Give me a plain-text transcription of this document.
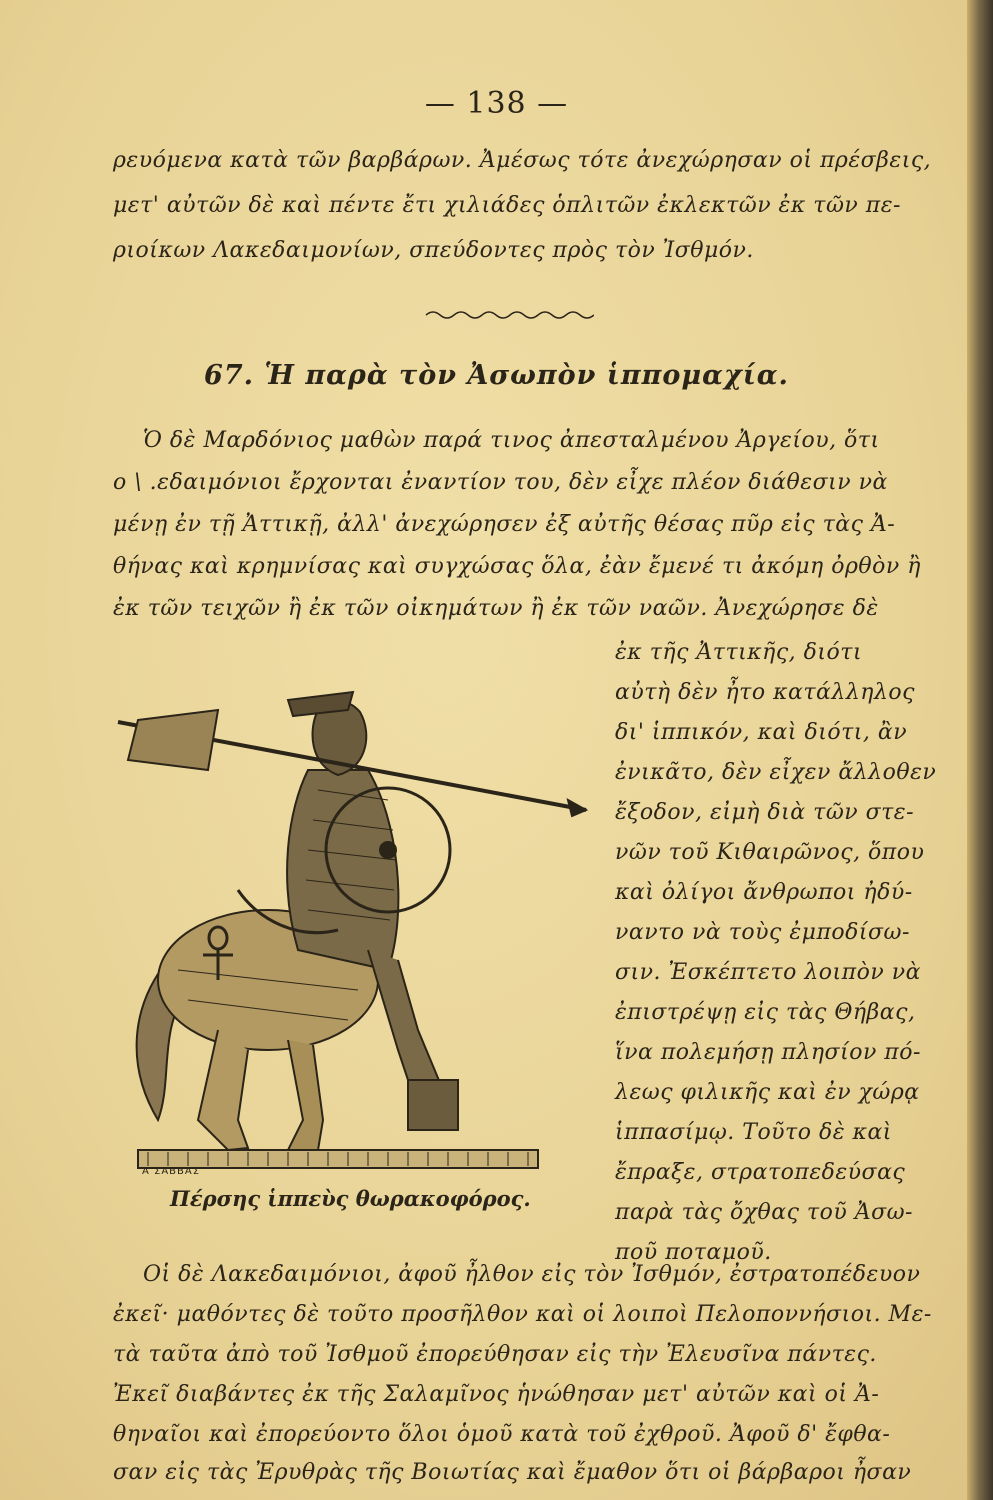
— 138 —
ρευόμενα κατὰ τῶν βαρβάρων. Ἀμέσως τότε ἀνεχώρησαν οἱ πρέσβεις,
μετ' αὐτῶν δὲ καὶ πέντε ἔτι χιλιάδες ὁπλιτῶν ἐκλεκτῶν ἐκ τῶν πε-
ριοίκων Λακεδαιμονίων, σπεύδοντες πρὸς τὸν Ἰσθμόν.
67. Ἡ παρὰ τὸν Ἀσωπὸν ἱππομαχία.
Ὁ δὲ Μαρδόνιος μαθὼν παρά τινος ἀπεσταλμένου Ἀργείου, ὅτι
ο \ .εδαιμόνιοι ἔρχονται ἐναντίον του, δὲν εἶχε πλέον διάθεσιν νὰ
μένῃ ἐν τῇ Ἀττικῇ, ἀλλ' ἀνεχώρησεν ἐξ αὐτῆς θέσας πῦρ εἰς τὰς Ἀ-
θήνας καὶ κρημνίσας καὶ συγχώσας ὅλα, ἐὰν ἔμενέ τι ἀκόμη ὀρθὸν ἢ
ἐκ τῶν τειχῶν ἢ ἐκ τῶν οἰκημάτων ἢ ἐκ τῶν ναῶν. Ἀνεχώρησε δὲ
ἐκ τῆς Ἀττικῆς, διότι
αὐτὴ δὲν ἦτο κατάλληλος
δι' ἱππικόν, καὶ διότι, ἂν
ἐνικᾶτο, δὲν εἶχεν ἄλλοθεν
ἔξοδον, εἰμὴ διὰ τῶν στε-
νῶν τοῦ Κιθαιρῶνος, ὅπου
καὶ ὀλίγοι ἄνθρωποι ἠδύ-
ναντο νὰ τοὺς ἐμποδίσω-
σιν. Ἐσκέπτετο λοιπὸν νὰ
ἐπιστρέψῃ εἰς τὰς Θήβας,
ἵνα πολεμήσῃ πλησίον πό-
λεως φιλικῆς καὶ ἐν χώρᾳ
ἱππασίμῳ. Τοῦτο δὲ καὶ
ἔπραξε, στρατοπεδεύσας
παρὰ τὰς ὄχθας τοῦ Ἀσω-
ποῦ ποταμοῦ.
Α ΣΑΒΒΑΣ
Πέρσης ἱππεὺς θωρακοφόρος.
Οἱ δὲ Λακεδαιμόνιοι, ἀφοῦ ἦλθον εἰς τὸν Ἰσθμόν, ἐστρατοπέδευον
ἐκεῖ· μαθόντες δὲ τοῦτο προσῆλθον καὶ οἱ λοιποὶ Πελοποννήσιοι. Με-
τὰ ταῦτα ἀπὸ τοῦ Ἰσθμοῦ ἐπορεύθησαν εἰς τὴν Ἐλευσῖνα πάντες.
Ἐκεῖ διαβάντες ἐκ τῆς Σαλαμῖνος ἡνώθησαν μετ' αὐτῶν καὶ οἱ Ἀ-
θηναῖοι καὶ ἐπορεύοντο ὅλοι ὁμοῦ κατὰ τοῦ ἐχθροῦ. Ἀφοῦ δ' ἔφθα-
σαν εἰς τὰς Ἐρυθρὰς τῆς Βοιωτίας καὶ ἔμαθον ὅτι οἱ βάρβαροι ἦσαν
